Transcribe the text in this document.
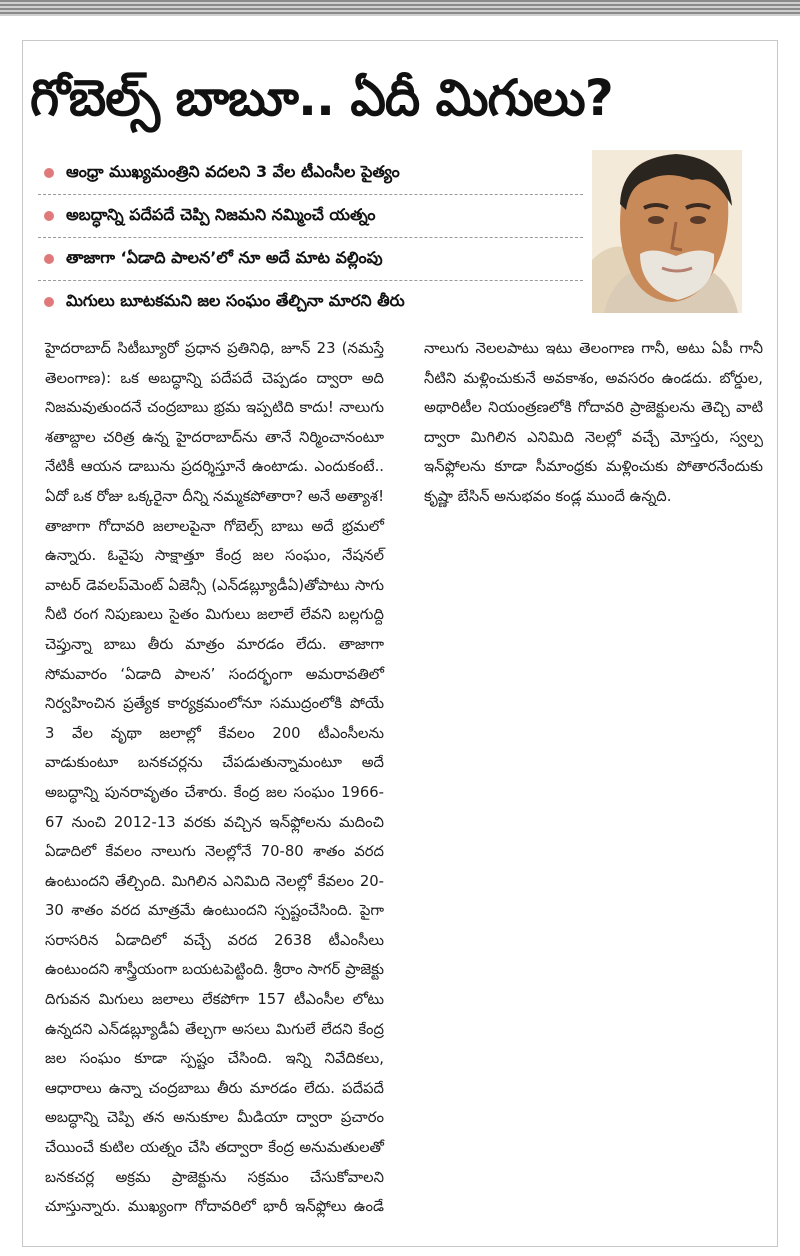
గోబెల్స్ బాబూ.. ఏదీ మిగులు?
ఆంధ్రా ముఖ్యమంత్రిని వదలని 3 వేల టీఎంసీల పైత్యం
అబద్ధాన్ని పదేపదే చెప్పి నిజమని నమ్మించే యత్నం
తాజాగా ‘ఏడాది పాలన’లో నూ అదే మాట వల్లింపు
మిగులు బూటకమని జల సంఘం తేల్చినా మారని తీరు

హైదరాబాద్ సిటీబ్యూరో ప్రధాన ప్రతినిధి, జూన్ 23 (నమస్తే తెలంగాణ): ఒక అబద్ధాన్ని పదేపదే చెప్పడం ద్వారా అది నిజమవుతుందనే చంద్రబాబు భ్రమ ఇప్పటిది కాదు! నాలుగు శతాబ్దాల చరిత్ర ఉన్న హైదరాబాద్‌ను తానే నిర్మించానంటూ నేటికీ ఆయన డాబును ప్రదర్శిస్తూనే ఉంటాడు. ఎందుకంటే.. ఏదో ఒక రోజు ఒక్కరైనా దీన్ని నమ్మకపోతారా? అనే అత్యాశ! తాజాగా గోదావరి జలాలపైనా గోబెల్స్ బాబు అదే భ్రమలో ఉన్నారు. ఓవైపు సాక్షాత్తూ కేంద్ర జల సంఘం, నేషనల్ వాటర్ డెవలప్‌మెంట్ ఏజెన్సీ (ఎన్‌డబ్ల్యూడీఏ)తోపాటు సాగు నీటి రంగ నిపుణులు సైతం మిగులు జలాలే లేవని బల్లగుద్ది చెప్తున్నా బాబు తీరు మాత్రం మారడం లేదు. తాజాగా సోమవారం ‘ఏడాది పాలన’ సందర్భంగా అమరావతిలో నిర్వహించిన ప్రత్యేక కార్యక్రమంలోనూ సముద్రంలోకి పోయే 3 వేల వృథా జలాల్లో కేవలం 200 టీఎంసీలను వాడుకుంటూ బనకచర్లను చేపడుతున్నామంటూ అదే అబద్ధాన్ని పునరావృతం చేశారు. కేంద్ర జల సంఘం 1966-67 నుంచి 2012-13 వరకు వచ్చిన ఇన్‌ఫ్లోలను మదించి ఏడాదిలో కేవలం నాలుగు నెలల్లోనే 70-80 శాతం వరద ఉంటుందని తేల్చింది. మిగిలిన ఎనిమిది నెలల్లో కేవలం 20-30 శాతం వరద మాత్రమే ఉంటుందని స్పష్టంచేసింది. పైగా సరాసరిన ఏడాదిలో వచ్చే వరద 2638 టీఎంసీలు ఉంటుందని శాస్త్రీయంగా బయటపెట్టింది. శ్రీరాం సాగర్ ప్రాజెక్టు దిగువన మిగులు జలాలు లేకపోగా 157 టీఎంసీల లోటు ఉన్నదని ఎన్‌డబ్ల్యూడీఏ తేల్చగా అసలు మిగులే లేదని కేంద్ర జల సంఘం కూడా స్పష్టం చేసింది. ఇన్ని నివేదికలు, ఆధారాలు ఉన్నా చంద్రబాబు తీరు మారడం లేదు. పదేపదే అబద్ధాన్ని చెప్పి తన అనుకూల మీడియా ద్వారా ప్రచారం చేయించే కుటిల యత్నం చేసి తద్వారా కేంద్ర అనుమతులతో బనకచర్ల అక్రమ ప్రాజెక్టును సక్రమం చేసుకోవాలని చూస్తున్నారు. ముఖ్యంగా గోదావరిలో భారీ ఇన్‌ఫ్లోలు ఉండే నాలుగు నెలలపాటు ఇటు తెలంగాణ గానీ, అటు ఏపీ గానీ నీటిని మళ్లించుకునే అవకాశం, అవసరం ఉండదు. బోర్డుల, అథారిటీల నియంత్రణలోకి గోదావరి ప్రాజెక్టులను తెచ్చి వాటి ద్వారా మిగిలిన ఎనిమిది నెలల్లో వచ్చే మోస్తరు, స్వల్ప ఇన్‌ఫ్లోలను కూడా సీమాంధ్రకు మళ్లించుకు పోతారనేందుకు కృష్ణా బేసిన్ అనుభవం కండ్ల ముందే ఉన్నది.
